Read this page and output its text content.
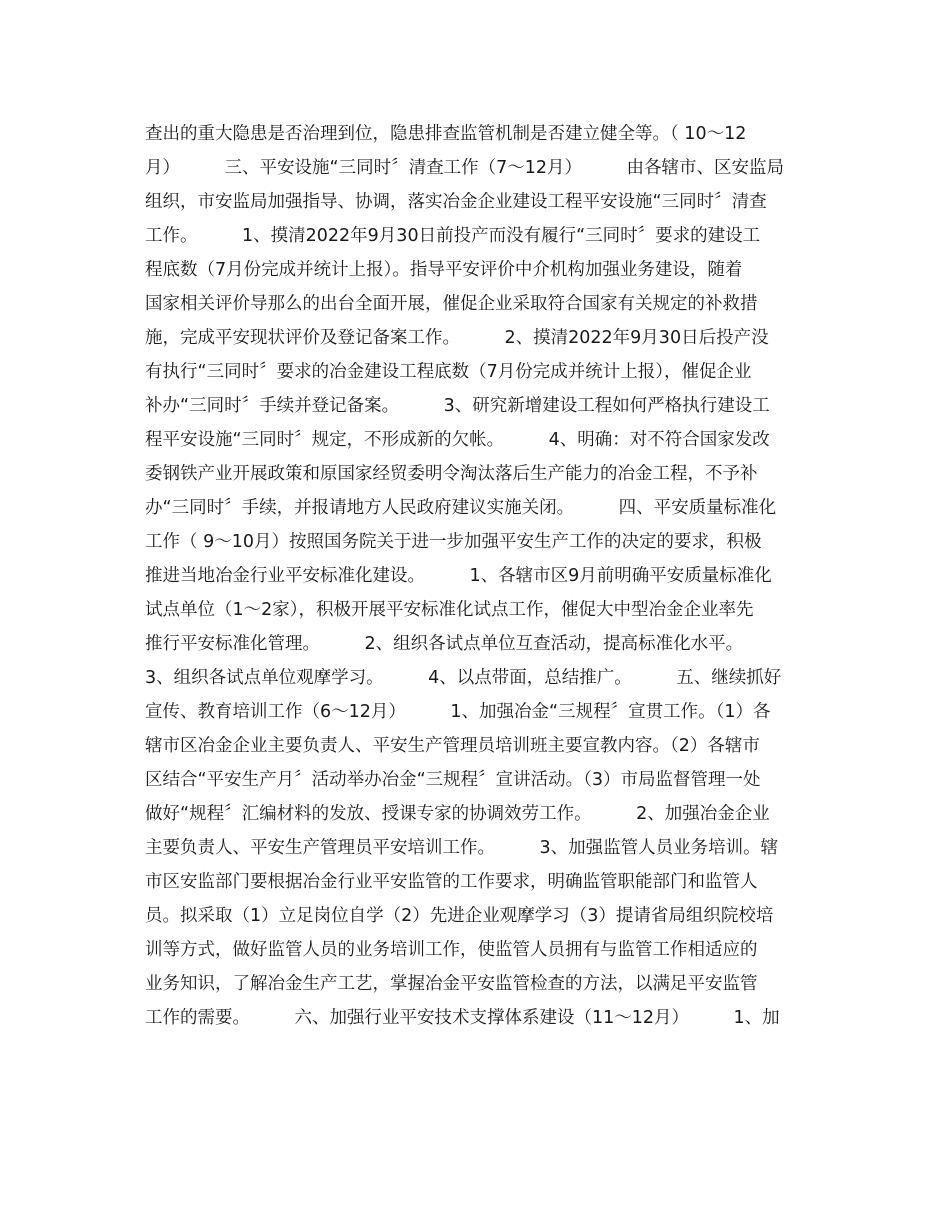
查出的重大隐患是否治理到位，隐患排查监管机制是否建立健全等。（ 10～12
月）        三、平安设施“三同时〞清查工作（7～12月）        由各辖市、区安监局
组织，市安监局加强指导、协调，落实冶金企业建设工程平安设施“三同时〞清查
工作。        1、摸清2022年9月30日前投产而没有履行“三同时〞要求的建设工
程底数（7月份完成并统计上报）。指导平安评价中介机构加强业务建设，随着
国家相关评价导那么的出台全面开展，催促企业采取符合国家有关规定的补救措
施，完成平安现状评价及登记备案工作。        2、摸清2022年9月30日后投产没
有执行“三同时〞要求的冶金建设工程底数（7月份完成并统计上报），催促企业
补办“三同时〞手续并登记备案。        3、研究新增建设工程如何严格执行建设工
程平安设施“三同时〞规定，不形成新的欠帐。        4、明确：对不符合国家发改
委钢铁产业开展政策和原国家经贸委明令淘汰落后生产能力的冶金工程，不予补
办“三同时〞手续，并报请地方人民政府建议实施关闭。        四、平安质量标准化
工作（ 9～10月）按照国务院关于进一步加强平安生产工作的决定的要求，积极
推进当地冶金行业平安标准化建设。        1、各辖市区9月前明确平安质量标准化
试点单位（1～2家），积极开展平安标准化试点工作，催促大中型冶金企业率先
推行平安标准化管理。        2、组织各试点单位互查活动，提高标准化水平。
3、组织各试点单位观摩学习。        4、以点带面，总结推广。        五、继续抓好
宣传、教育培训工作（6～12月）        1、加强冶金“三规程〞宣贯工作。（1）各
辖市区冶金企业主要负责人、平安生产管理员培训班主要宣教内容。（2）各辖市
区结合“平安生产月〞活动举办冶金“三规程〞宣讲活动。（3）市局监督管理一处
做好“规程〞汇编材料的发放、授课专家的协调效劳工作。        2、加强冶金企业
主要负责人、平安生产管理员平安培训工作。        3、加强监管人员业务培训。辖
市区安监部门要根据冶金行业平安监管的工作要求，明确监管职能部门和监管人
员。拟采取（1）立足岗位自学（2）先进企业观摩学习（3）提请省局组织院校培
训等方式，做好监管人员的业务培训工作，使监管人员拥有与监管工作相适应的
业务知识，了解冶金生产工艺，掌握冶金平安监管检查的方法，以满足平安监管
工作的需要。        六、加强行业平安技术支撑体系建设（11～12月）        1、加
